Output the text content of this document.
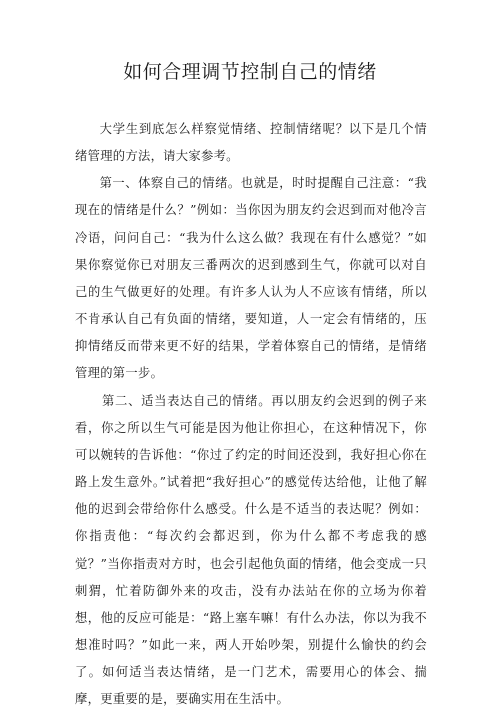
如何合理调节控制自己的情绪

大学生到底怎么样察觉情绪、控制情绪呢？以下是几个情绪管理的方法，请大家参考。

第一、体察自己的情绪。也就是，时时提醒自己注意：“我现在的情绪是什么？”例如：当你因为朋友约会迟到而对他冷言冷语，问问自己：“我为什么这么做？我现在有什么感觉？”如果你察觉你已对朋友三番两次的迟到感到生气，你就可以对自己的生气做更好的处理。有许多人认为人不应该有情绪，所以不肯承认自己有负面的情绪，要知道，人一定会有情绪的，压抑情绪反而带来更不好的结果，学着体察自己的情绪，是情绪管理的第一步。

第二、适当表达自己的情绪。再以朋友约会迟到的例子来看，你之所以生气可能是因为他让你担心，在这种情况下，你可以婉转的告诉他：“你过了约定的时间还没到，我好担心你在路上发生意外。”试着把“我好担心”的感觉传达给他，让他了解他的迟到会带给你什么感受。什么是不适当的表达呢？例如：你指责他：“每次约会都迟到，你为什么都不考虑我的感觉？”当你指责对方时，也会引起他负面的情绪，他会变成一只刺猬，忙着防御外来的攻击，没有办法站在你的立场为你着想，他的反应可能是：“路上塞车嘛！有什么办法，你以为我不想准时吗？”如此一来，两人开始吵架，别提什么愉快的约会了。如何适当表达情绪，是一门艺术，需要用心的体会、揣摩，更重要的是，要确实用在生活中。
